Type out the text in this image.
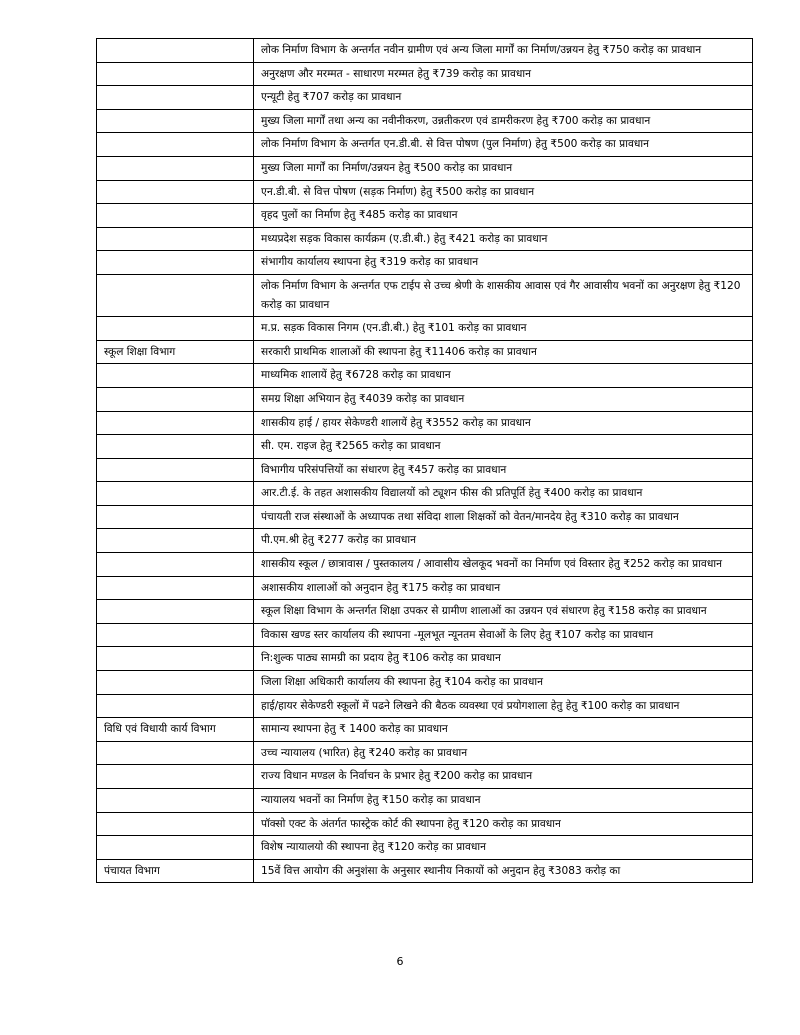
	लोक निर्माण विभाग के अन्तर्गत नवीन ग्रामीण एवं अन्य जिला मार्गों का निर्माण/उन्नयन हेतु ₹750 करोड़ का प्रावधान
	अनुरक्षण और मरम्मत - साधारण मरम्मत हेतु ₹739 करोड़ का प्रावधान
	एन्यूटी हेतु ₹707 करोड़ का प्रावधान
	मुख्य जिला मार्गों तथा अन्य का नवीनीकरण, उन्नतीकरण एवं डामरीकरण हेतु ₹700 करोड़ का प्रावधान
	लोक निर्माण विभाग के अन्तर्गत एन.डी.बी. से वित्त पोषण (पुल निर्माण) हेतु ₹500 करोड़ का प्रावधान
	मुख्य जिला मार्गों का निर्माण/उन्नयन हेतु ₹500 करोड़ का प्रावधान
	एन.डी.बी. से वित्त पोषण (सड़क निर्माण) हेतु ₹500 करोड़ का प्रावधान
	वृहद पुलों का निर्माण हेतु ₹485 करोड़ का प्रावधान
	मध्यप्रदेश सड़क विकास कार्यक्रम (ए.डी.बी.) हेतु ₹421 करोड़ का प्रावधान
	संभागीय कार्यालय स्थापना हेतु ₹319 करोड़ का प्रावधान
	लोक निर्माण विभाग के अन्तर्गत एफ टाईप से उच्च श्रेणी के शासकीय आवास एवं गैर आवासीय भवनों का अनुरक्षण हेतु ₹120 करोड़ का प्रावधान
	म.प्र. सड़क विकास निगम (एन.डी.बी.) हेतु ₹101 करोड़ का प्रावधान
स्कूल शिक्षा विभाग	सरकारी प्राथमिक शालाओं की स्थापना हेतु ₹11406 करोड़ का प्रावधान
	माध्यमिक शालायें हेतु ₹6728 करोड़ का प्रावधान
	समग्र शिक्षा अभियान हेतु ₹4039 करोड़ का प्रावधान
	शासकीय हाई / हायर सेकेण्डरी शालायें हेतु ₹3552 करोड़ का प्रावधान
	सी. एम. राइज हेतु ₹2565 करोड़ का प्रावधान
	विभागीय परिसंपत्तियों का संधारण हेतु ₹457 करोड़ का प्रावधान
	आर.टी.ई. के तहत अशासकीय विद्यालयों को ट्यूशन फीस की प्रतिपूर्ति हेतु ₹400 करोड़ का प्रावधान
	पंचायती राज संस्थाओं के अध्यापक तथा संविदा शाला शिक्षकों को वेतन/मानदेय हेतु ₹310 करोड़ का प्रावधान
	पी.एम.श्री हेतु ₹277 करोड़ का प्रावधान
	शासकीय स्कूल / छात्रावास / पुस्तकालय / आवासीय खेलकूद भवनों का निर्माण एवं विस्तार हेतु ₹252 करोड़ का प्रावधान
	अशासकीय शालाओं को अनुदान हेतु ₹175 करोड़ का प्रावधान
	स्कूल शिक्षा विभाग के अन्तर्गत शिक्षा उपकर से ग्रामीण शालाओं का उन्नयन एवं संधारण हेतु ₹158 करोड़ का प्रावधान
	विकास खण्ड स्तर कार्यालय की स्थापना -मूलभूत न्यूनतम सेवाओं के लिए हेतु ₹107 करोड़ का प्रावधान
	नि:शुल्क पाठ्य सामग्री का प्रदाय हेतु ₹106 करोड़ का प्रावधान
	जिला शिक्षा अधिकारी कार्यालय की स्थापना हेतु ₹104 करोड़ का प्रावधान
	हाई/हायर सेकेण्डरी स्कूलों में पढने लिखने की बैठक व्यवस्था एवं प्रयोगशाला हेतु हेतु ₹100 करोड़ का प्रावधान
विधि एवं विधायी कार्य विभाग	सामान्य स्थापना हेतु ₹ 1400 करोड़ का प्रावधान
	उच्च न्यायालय (भारित) हेतु ₹240 करोड़ का प्रावधान
	राज्य विधान मण्डल के निर्वाचन के प्रभार हेतु ₹200 करोड़ का प्रावधान
	न्यायालय भवनों का निर्माण हेतु ₹150 करोड़ का प्रावधान
	पॉक्सो एक्ट के अंतर्गत फास्ट्रेक कोर्ट की स्थापना हेतु ₹120 करोड़ का प्रावधान
	विशेष न्यायालयो की स्थापना हेतु ₹120 करोड़ का प्रावधान
पंचायत विभाग	15वें वित्त आयोग की अनुशंसा के अनुसार स्थानीय निकायों को अनुदान हेतु ₹3083 करोड़ का
6
